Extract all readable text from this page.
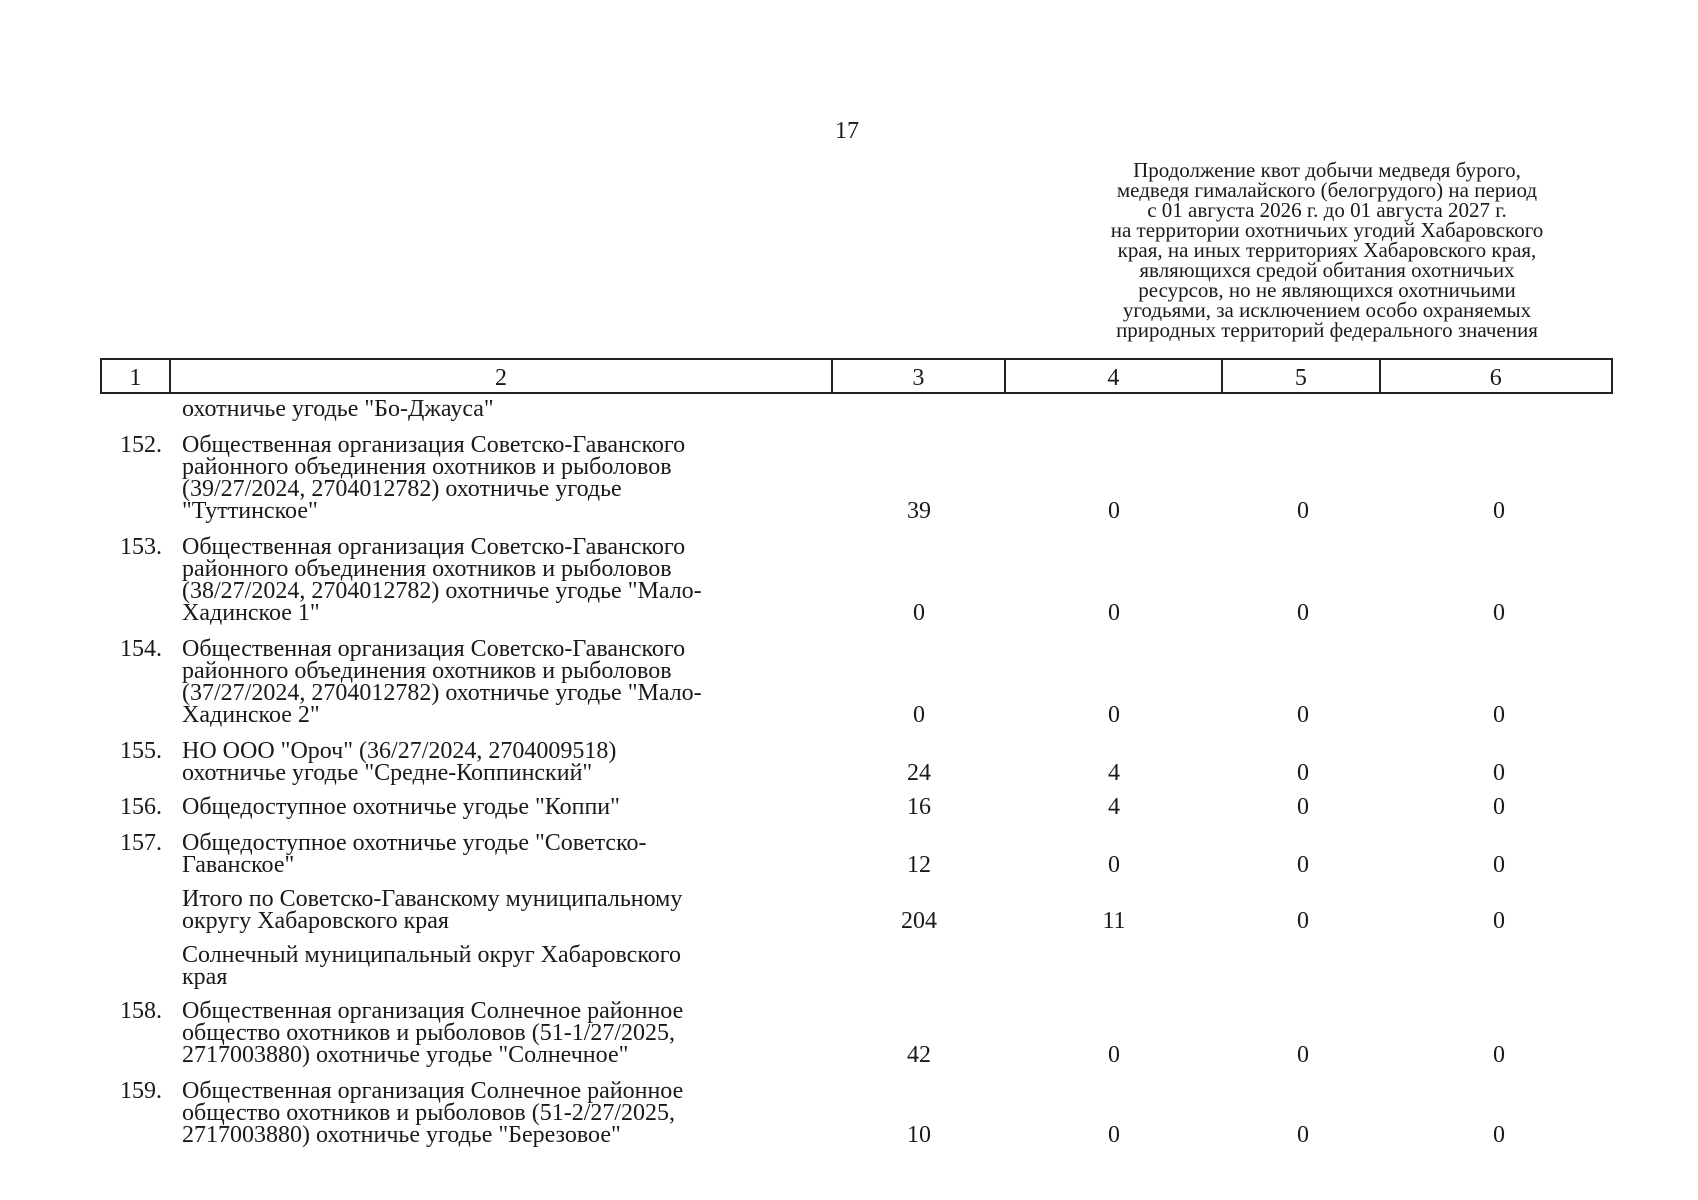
17
Продолжение квот добычи медведя бурого,
медведя гималайского (белогрудого) на период
с 01 августа 2026 г. до 01 августа 2027 г.
на территории охотничьих угодий Хабаровского
края, на иных территориях Хабаровского края,
являющихся средой обитания охотничьих
ресурсов, но не являющихся охотничьими
угодьями, за исключением особо охраняемых
природных территорий федерального значения
1	2	3	4	5	6
охотничье угодье "Бо-Джауса"
152. Общественная организация Советско-Гаванского
районного объединения охотников и рыболовов
(39/27/2024, 2704012782) охотничье угодье
"Туттинское"	39	0	0	0
153. Общественная организация Советско-Гаванского
районного объединения охотников и рыболовов
(38/27/2024, 2704012782) охотничье угодье "Мало-
Хадинское 1"	0	0	0	0
154. Общественная организация Советско-Гаванского
районного объединения охотников и рыболовов
(37/27/2024, 2704012782) охотничье угодье "Мало-
Хадинское 2"	0	0	0	0
155. НО ООО "Ороч" (36/27/2024, 2704009518)
охотничье угодье "Средне-Коппинский"	24	4	0	0
156. Общедоступное охотничье угодье "Коппи"	16	4	0	0
157. Общедоступное охотничье угодье "Советско-
Гаванское"	12	0	0	0
Итого по Советско-Гаванскому муниципальному
округу Хабаровского края	204	11	0	0
Солнечный муниципальный округ Хабаровского
края
158. Общественная организация Солнечное районное
общество охотников и рыболовов (51-1/27/2025,
2717003880) охотничье угодье "Солнечное"	42	0	0	0
159. Общественная организация Солнечное районное
общество охотников и рыболовов (51-2/27/2025,
2717003880) охотничье угодье "Березовое"	10	0	0	0
